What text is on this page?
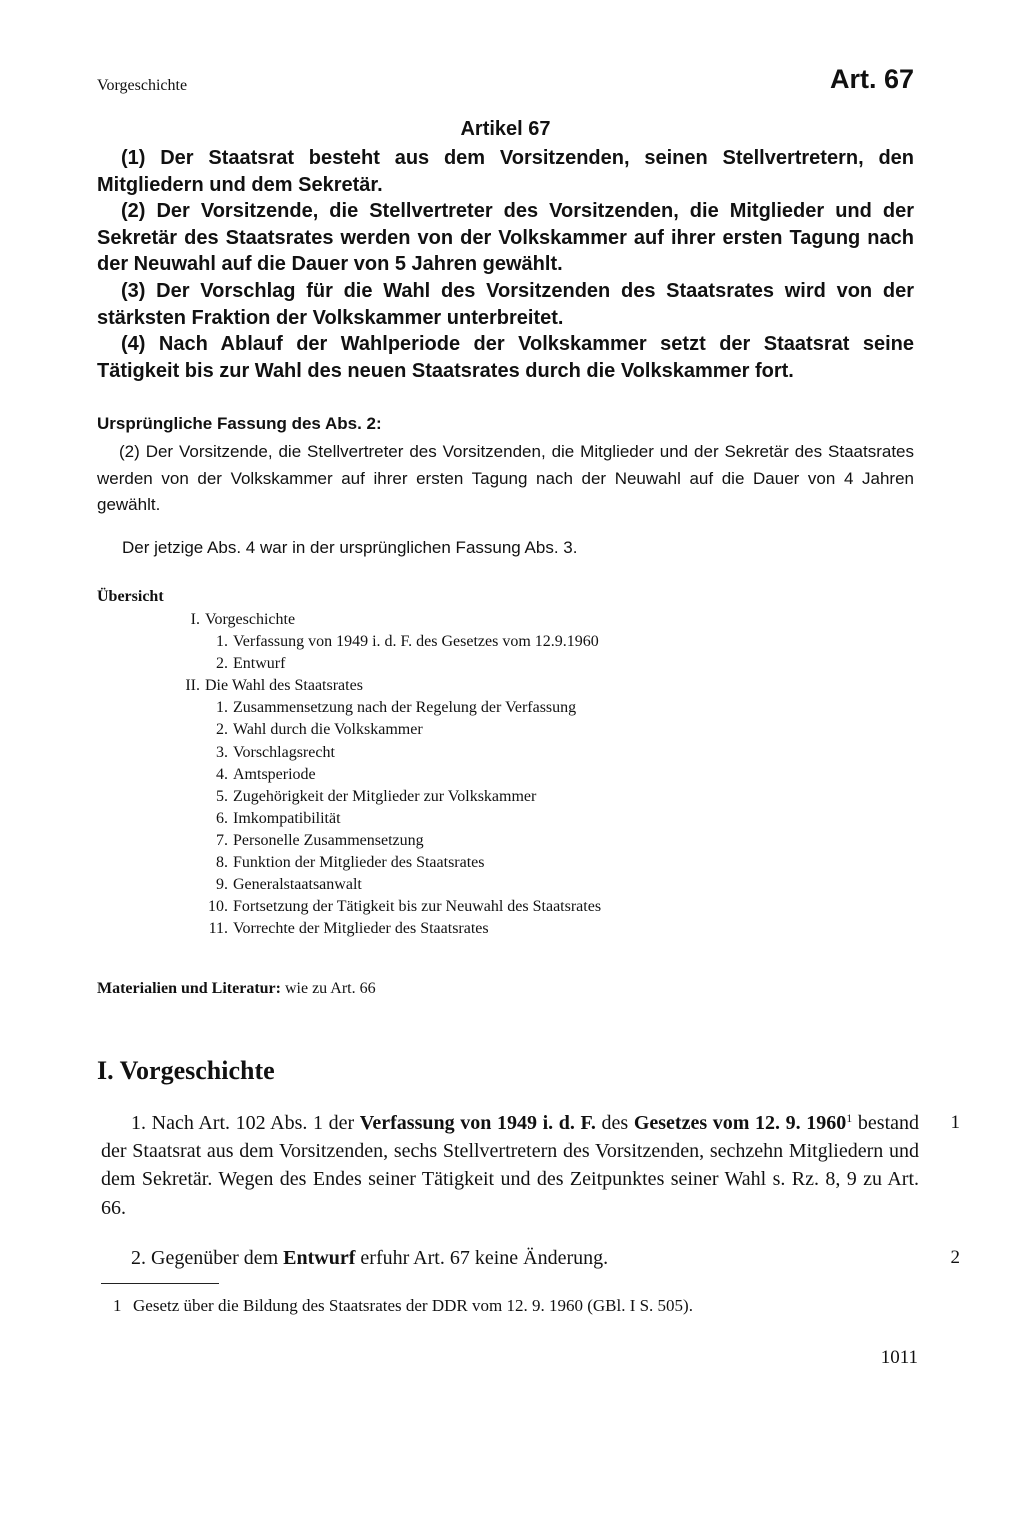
Vorgeschichte	Art. 67
Artikel 67

(1) Der Staatsrat besteht aus dem Vorsitzenden, seinen Stellvertretern, den Mitgliedern und dem Sekretär.

(2) Der Vorsitzende, die Stellvertreter des Vorsitzenden, die Mitglieder und der Sekretär des Staatsrates werden von der Volkskammer auf ihrer ersten Tagung nach der Neuwahl auf die Dauer von 5 Jahren gewählt.

(3) Der Vorschlag für die Wahl des Vorsitzenden des Staatsrates wird von der stärksten Fraktion der Volkskammer unterbreitet.

(4) Nach Ablauf der Wahlperiode der Volkskammer setzt der Staatsrat seine Tätigkeit bis zur Wahl des neuen Staatsrates durch die Volkskammer fort.

Ursprüngliche Fassung des Abs. 2:

(2) Der Vorsitzende, die Stellvertreter des Vorsitzenden, die Mitglieder und der Sekretär des Staatsrates werden von der Volkskammer auf ihrer ersten Tagung nach der Neuwahl auf die Dauer von 4 Jahren gewählt.

Der jetzige Abs. 4 war in der ursprünglichen Fassung Abs. 3.
Übersicht
I. Vorgeschichte
1. Verfassung von 1949 i. d. F. des Gesetzes vom 12.9.1960
2. Entwurf
II. Die Wahl des Staatsrates
1. Zusammensetzung nach der Regelung der Verfassung
2. Wahl durch die Volkskammer
3. Vorschlagsrecht
4. Amtsperiode
5. Zugehörigkeit der Mitglieder zur Volkskammer
6. Imkompatibilität
7. Personelle Zusammensetzung
8. Funktion der Mitglieder des Staatsrates
9. Generalstaatsanwalt
10. Fortsetzung der Tätigkeit bis zur Neuwahl des Staatsrates
11. Vorrechte der Mitglieder des Staatsrates
Materialien und Literatur: wie zu Art. 66
I. Vorgeschichte

1. Nach Art. 102 Abs. 1 der Verfassung von 1949 i. d. F. des Gesetzes vom 12. 9. 1960$^1$ bestand der Staatsrat aus dem Vorsitzenden, sechs Stellvertretern des Vorsitzenden, sechzehn Mitgliedern und dem Sekretär. Wegen des Endes seiner Tätigkeit und des Zeitpunktes seiner Wahl s. Rz. 8, 9 zu Art. 66.

1

2. Gegenüber dem Entwurf erfuhr Art. 67 keine Änderung.	2
1 Gesetz über die Bildung des Staatsrates der DDR vom 12. 9. 1960 (GBl. I S. 505).
1011
